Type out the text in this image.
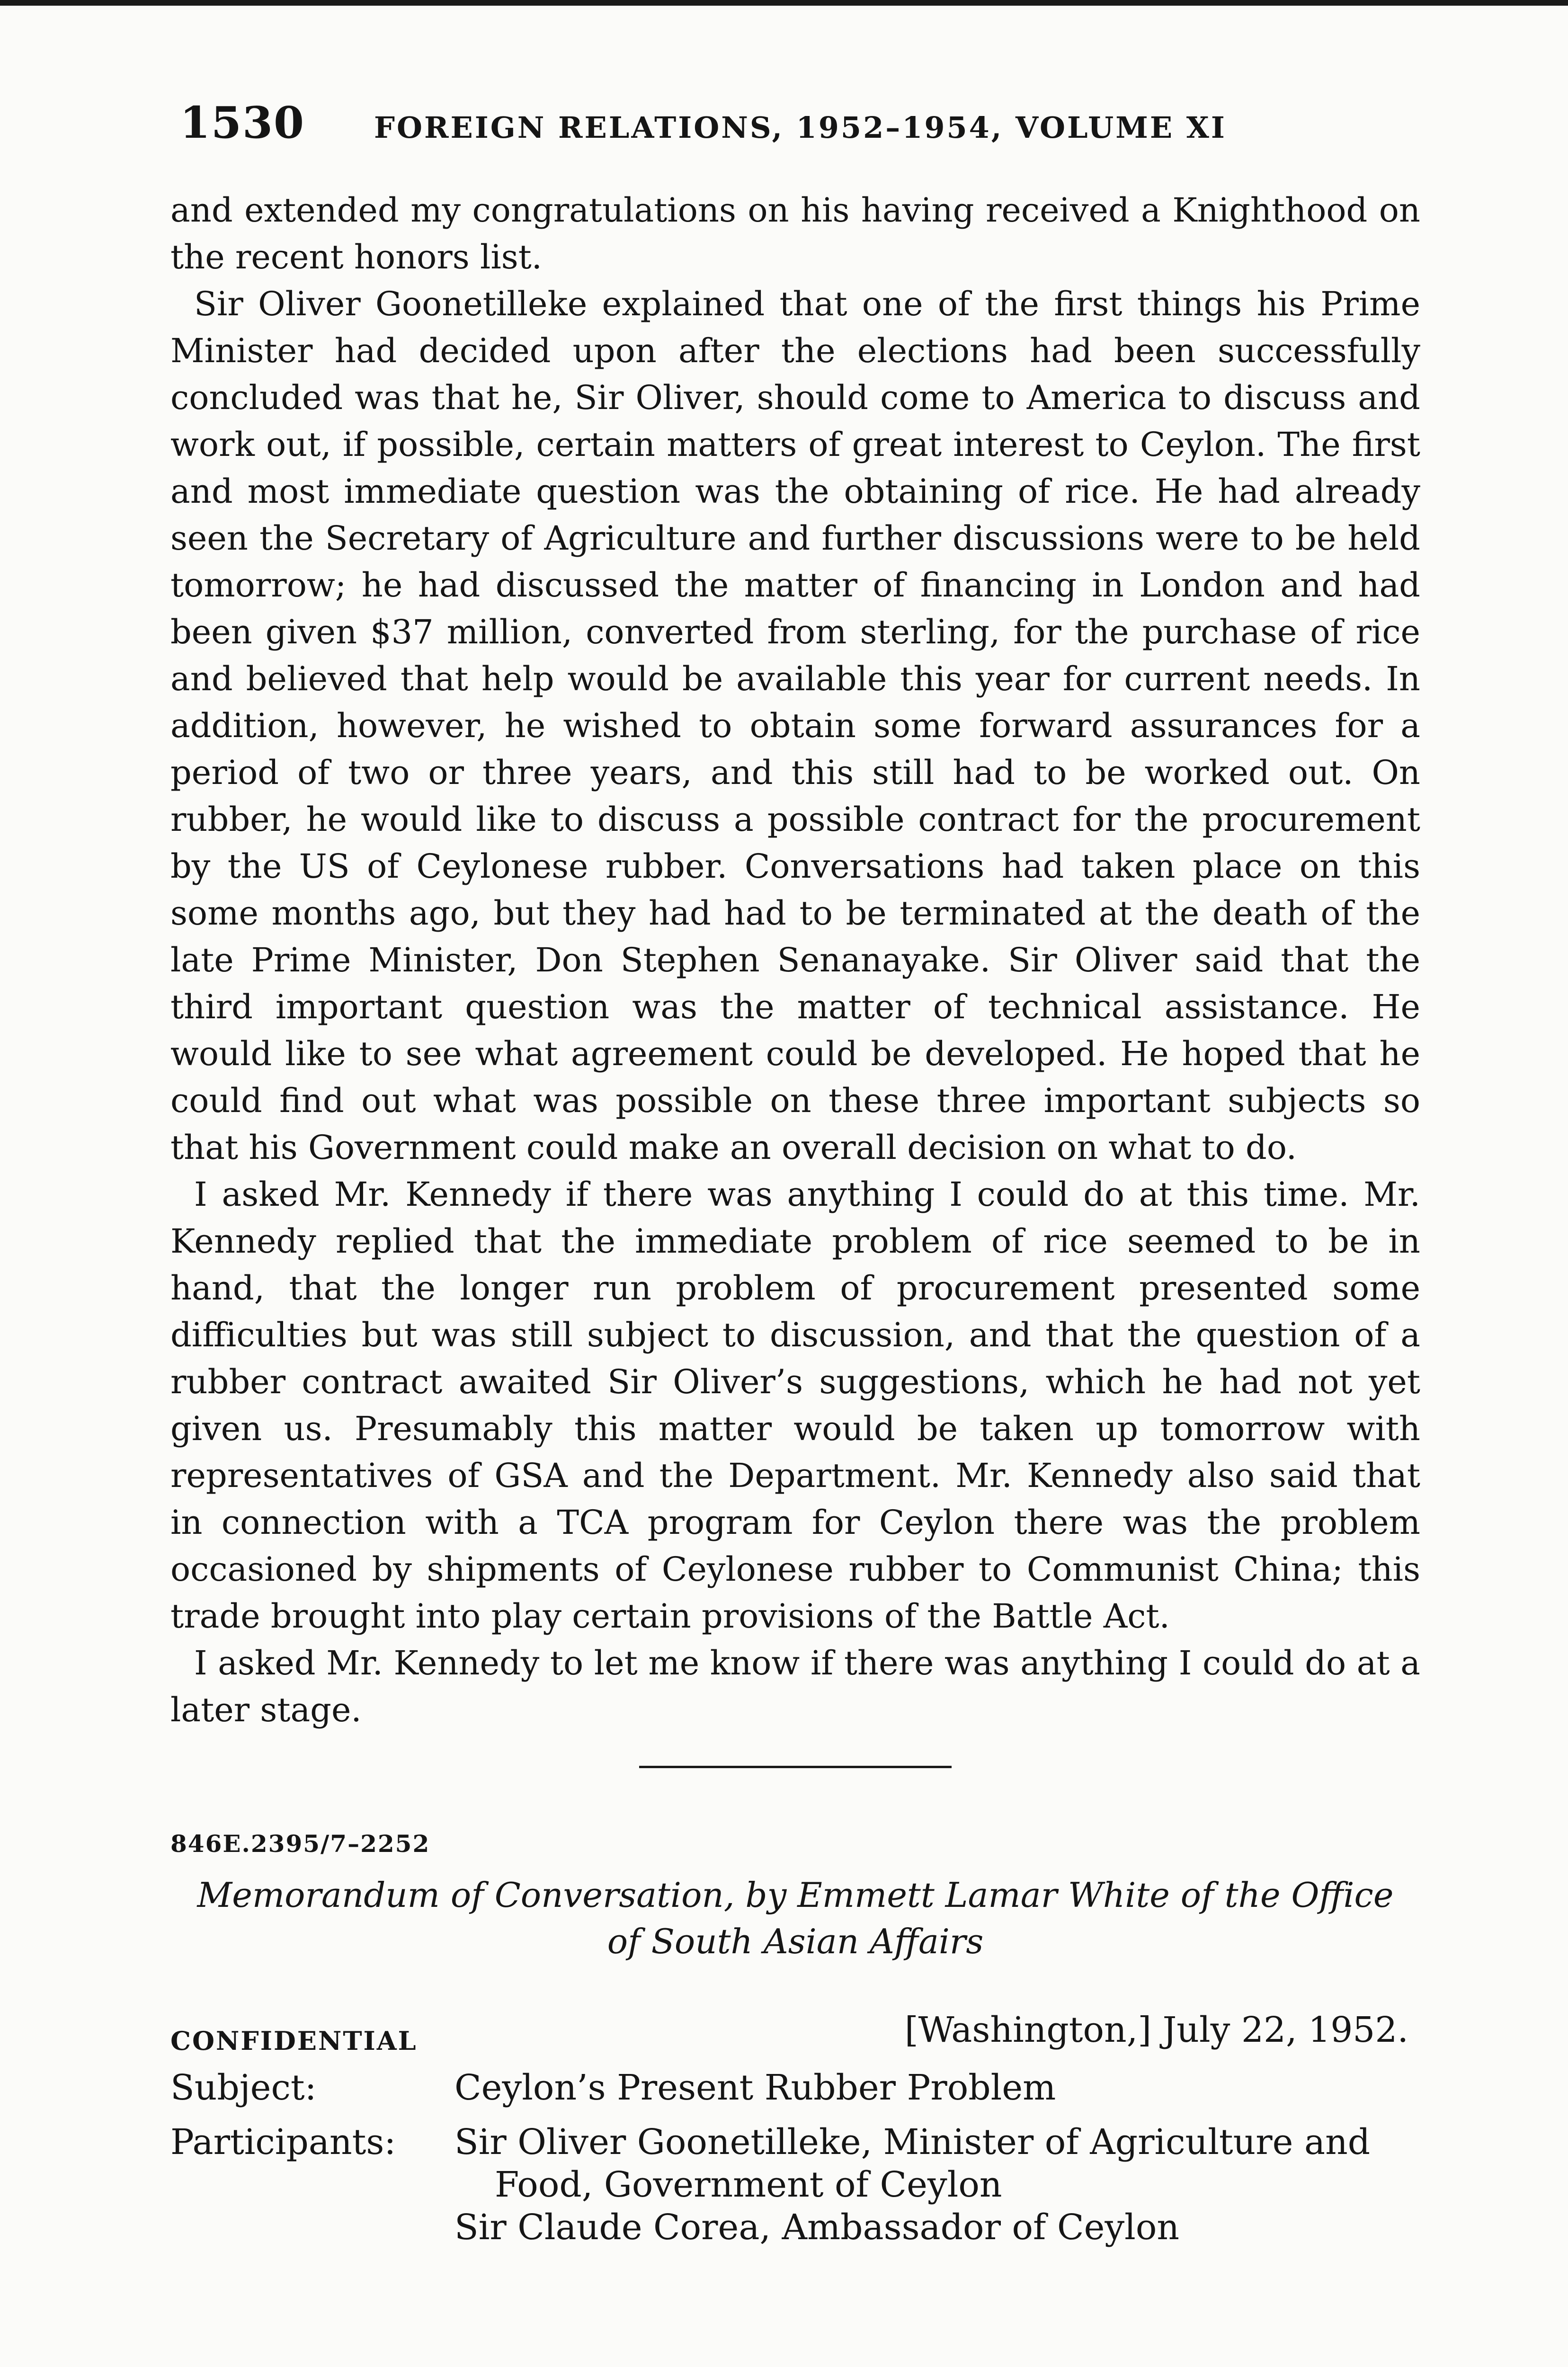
1530 FOREIGN RELATIONS, 1952–1954, VOLUME XI

and extended my congratulations on his having received a Knighthood on the recent honors list.

Sir Oliver Goonetilleke explained that one of the first things his Prime Minister had decided upon after the elections had been successfully concluded was that he, Sir Oliver, should come to America to discuss and work out, if possible, certain matters of great interest to Ceylon. The first and most immediate question was the obtaining of rice. He had already seen the Secretary of Agriculture and further discussions were to be held tomorrow; he had discussed the matter of financing in London and had been given $37 million, converted from sterling, for the purchase of rice and believed that help would be available this year for current needs. In addition, however, he wished to obtain some forward assurances for a period of two or three years, and this still had to be worked out. On rubber, he would like to discuss a possible contract for the procurement by the US of Ceylonese rubber. Conversations had taken place on this some months ago, but they had had to be terminated at the death of the late Prime Minister, Don Stephen Senanayake. Sir Oliver said that the third important question was the matter of technical assistance. He would like to see what agreement could be developed. He hoped that he could find out what was possible on these three important subjects so that his Government could make an overall decision on what to do.

I asked Mr. Kennedy if there was anything I could do at this time. Mr. Kennedy replied that the immediate problem of rice seemed to be in hand, that the longer run problem of procurement presented some difficulties but was still subject to discussion, and that the question of a rubber contract awaited Sir Oliver’s suggestions, which he had not yet given us. Presumably this matter would be taken up tomorrow with representatives of GSA and the Department. Mr. Kennedy also said that in connection with a TCA program for Ceylon there was the problem occasioned by shipments of Ceylonese rubber to Communist China; this trade brought into play certain provisions of the Battle Act.

I asked Mr. Kennedy to let me know if there was anything I could do at a later stage.

846E.2395/7–2252
Memorandum of Conversation, by Emmett Lamar White of the Office
of South Asian Affairs
CONFIDENTIAL	[Washington,] July 22, 1952.
Subject:	Ceylon’s Present Rubber Problem
Participants:	Sir Oliver Goonetilleke, Minister of Agriculture and
Food, Government of Ceylon
Sir Claude Corea, Ambassador of Ceylon
